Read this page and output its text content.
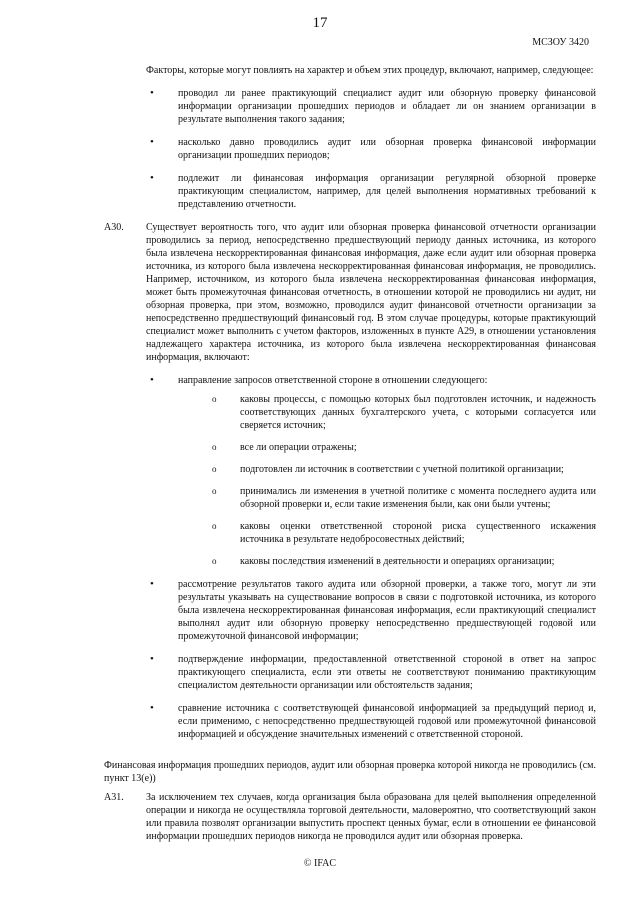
17
МСЗОУ 3420

Факторы, которые могут повлиять на характер и объем этих процедур, включают, например, следующее:

• проводил ли ранее практикующий специалист аудит или обзорную проверку финансовой информации организации прошедших периодов и обладает ли он знанием организации в результате выполнения такого задания;
• насколько давно проводились аудит или обзорная проверка финансовой информации организации прошедших периодов;
• подлежит ли финансовая информация организации регулярной обзорной проверке практикующим специалистом, например, для целей выполнения нормативных требований к представлению отчетности.
A30.	Существует вероятность того, что аудит или обзорная проверка финансовой отчетности организации проводились за период, непосредственно предшествующий периоду данных источника, из которого была извлечена нескорректированная финансовая информация, даже если аудит или обзорная проверка источника, из которого была извлечена нескорректированная финансовая информация, не проводились. Например, источником, из которого была извлечена нескорректированная финансовая информация, может быть промежуточная финансовая отчетность, в отношении которой не проводились ни аудит, ни обзорная проверка, при этом, возможно, проводился аудит финансовой отчетности организации за непосредственно предшествующий финансовый год. В этом случае процедуры, которые практикующий специалист может выполнить с учетом факторов, изложенных в пункте A29, в отношении установления надлежащего характера источника, из которого была извлечена нескорректированная финансовая информация, включают:

• направление запросов ответственной стороне в отношении следующего:
o каковы процессы, с помощью которых был подготовлен источник, и надежность соответствующих данных бухгалтерского учета, с которыми согласуется или сверяется источник;
o все ли операции отражены;
o подготовлен ли источник в соответствии с учетной политикой организации;
o принимались ли изменения в учетной политике с момента последнего аудита или обзорной проверки и, если такие изменения были, как они были учтены;
o каковы оценки ответственной стороной риска существенного искажения источника в результате недобросовестных действий;
o каковы последствия изменений в деятельности и операциях организации;
• рассмотрение результатов такого аудита или обзорной проверки, а также того, могут ли эти результаты указывать на существование вопросов в связи с подготовкой источника, из которого была извлечена нескорректированная финансовая информация, если практикующий специалист выполнял аудит или обзорную проверку непосредственно предшествующей годовой или промежуточной финансовой информации;
• подтверждение информации, предоставленной ответственной стороной в ответ на запрос практикующего специалиста, если эти ответы не соответствуют пониманию практикующим специалистом деятельности организации или обстоятельств задания;
• сравнение источника с соответствующей финансовой информацией за предыдущий период и, если применимо, с непосредственно предшествующей годовой или промежуточной финансовой информацией и обсуждение значительных изменений с ответственной стороной.

Финансовая информация прошедших периодов, аудит или обзорная проверка которой никогда не проводились (см. пункт 13(e))

A31.	За исключением тех случаев, когда организация была образована для целей выполнения определенной операции и никогда не осуществляла торговой деятельности, маловероятно, что соответствующий закон или правила позволят организации выпустить проспект ценных бумаг, если в отношении ее финансовой информации прошедших периодов никогда не проводился аудит или обзорная проверка.

© IFAC
